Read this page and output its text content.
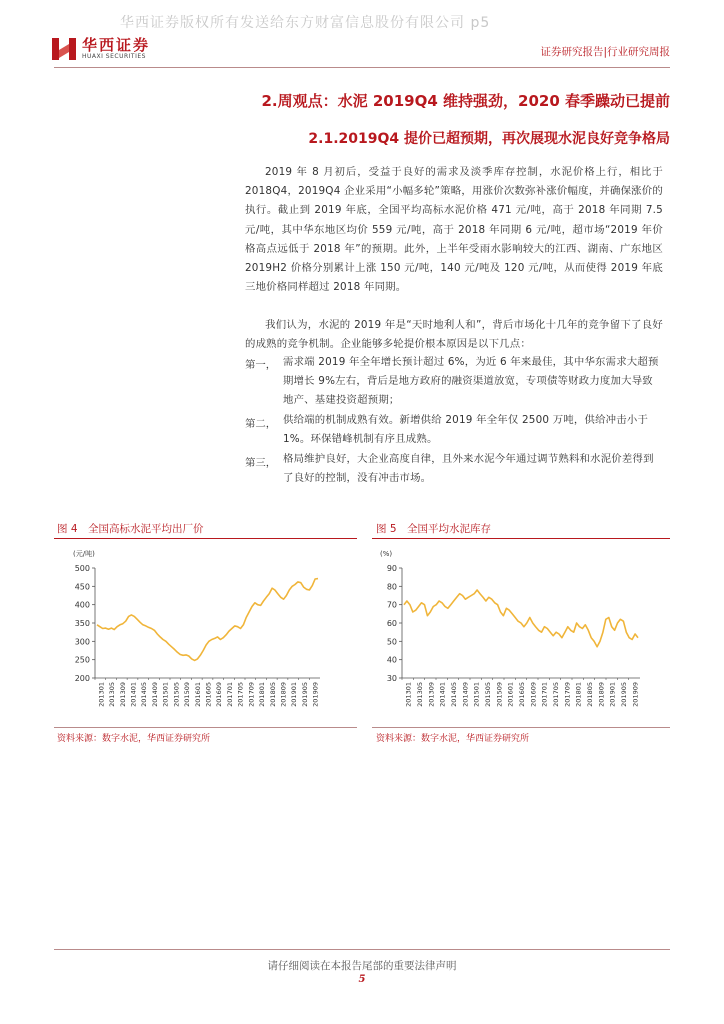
华西证券版权所有发送给东方财富信息股份有限公司 p5
华西证券
HUAXI SECURITIES	证券研究报告|行业研究周报
2.周观点：水泥 2019Q4 维持强劲，2020 春季躁动已提前
2.1.2019Q4 提价已超预期，再次展现水泥良好竞争格局
2019 年 8 月初后，受益于良好的需求及淡季库存控制，水泥价格上行，相比于 2018Q4，2019Q4 企业采用“小幅多轮”策略，用涨价次数弥补涨价幅度，并确保涨价的执行。截止到 2019 年底，全国平均高标水泥价格 471 元/吨，高于 2018 年同期 7.5 元/吨，其中华东地区均价 559 元/吨，高于 2018 年同期 6 元/吨，超市场“2019 年价格高点远低于 2018 年”的预期。此外，上半年受雨水影响较大的江西、湖南、广东地区 2019H2 价格分别累计上涨 150 元/吨，140 元/吨及 120 元/吨，从而使得 2019 年底三地价格同样超过 2018 年同期。
我们认为，水泥的 2019 年是“天时地利人和”，背后市场化十几年的竞争留下了良好的成熟的竞争机制。企业能够多轮提价根本原因是以下几点：
第一， 需求端 2019 年全年增长预计超过 6%，为近 6 年来最佳，其中华东需求大超预期增长 9%左右，背后是地方政府的融资渠道放宽，专项债等财政力度加大导致地产、基建投资超预期；
第二， 供给端的机制成熟有效。新增供给 2019 年全年仅 2500 万吨，供给冲击小于 1%。环保错峰机制有序且成熟。
第三， 格局维护良好，大企业高度自律，且外来水泥今年通过调节熟料和水泥价差得到了良好的控制，没有冲击市场。
图 4　全国高标水泥平均出厂价
(元/吨)
200
250
300
350
400
450
500
201301 201305 201309 201401 201405 201409 201501 201505 201509 201601 201605 201609 201701 201705 201709 201801 201805 201809 201901 201905 201909
资料来源：数字水泥，华西证券研究所
图 5　全国平均水泥库存
(%)
30
40
50
60
70
80
90
201301 201305 201309 201401 201405 201409 201501 201505 201509 201601 201605 201609 201701 201705 201709 201801 201805 201809 201901 201905 201909
资料来源：数字水泥，华西证券研究所
请仔细阅读在本报告尾部的重要法律声明
5
